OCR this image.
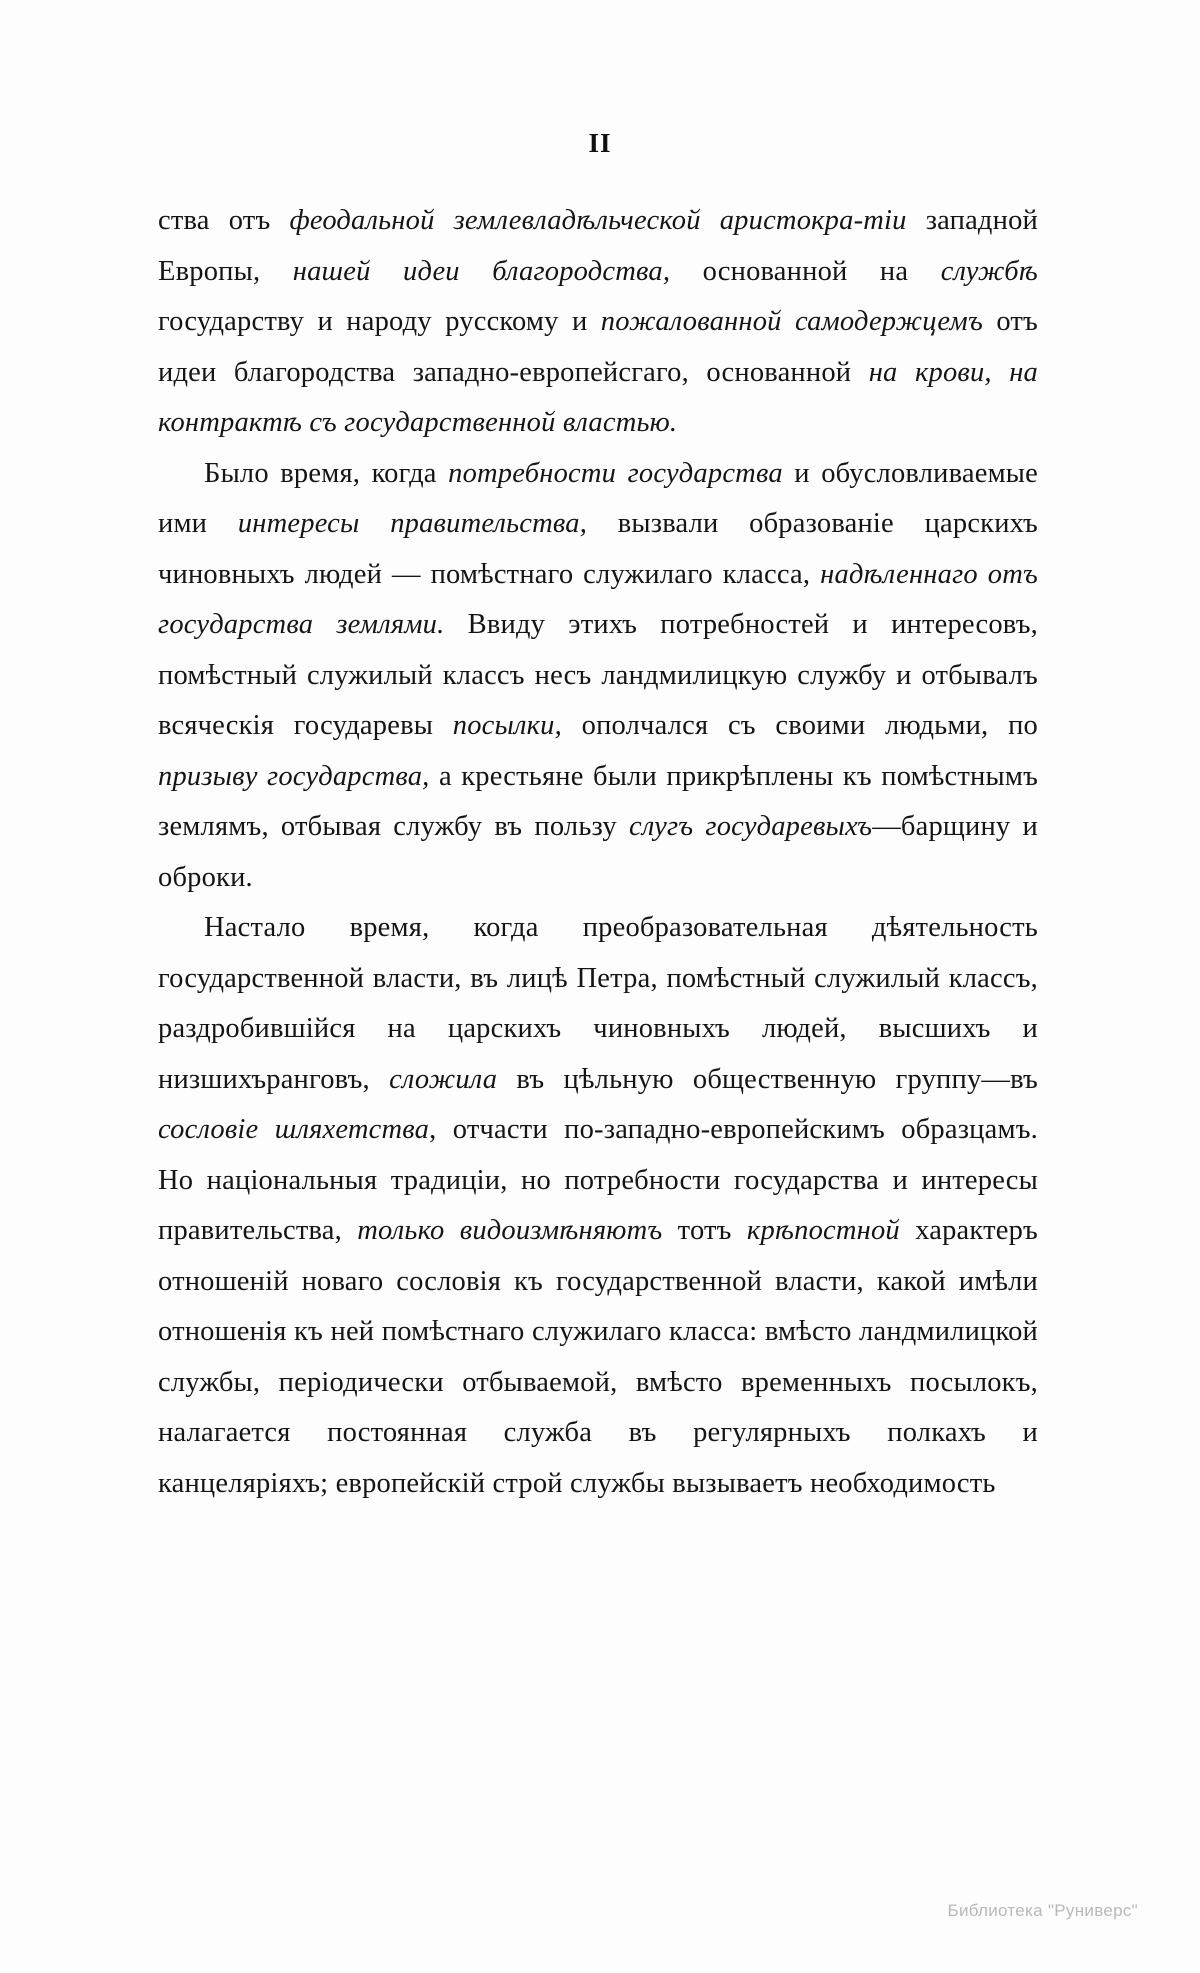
II

ства отъ феодальной землевладѣльческой аристокра-тіи западной Европы, нашей идеи благородства, основанной на службѣ государству и народу русскому и пожалованной самодержцемъ отъ идеи благородства западно-европейсгаго, основанной на крови, на контрактѣ съ государственной властью.

Было время, когда потребности государства и обусловливаемые ими интересы правительства, вызвали образованіе царскихъ чиновныхъ людей — помѣстнаго служилаго класса, надѣленнаго отъ государства землями. Ввиду этихъ потребностей и интересовъ, помѣстный служилый классъ несъ ландмилицкую службу и отбывалъ всяческія государевы посылки, ополчался съ своими людьми, по призыву государства, а крестьяне были прикрѣплены къ помѣстнымъ землямъ, отбывая службу въ пользу слугъ государевыхъ—барщину и оброки.

Настало время, когда преобразовательная дѣятельность государственной власти, въ лицѣ Петра, помѣстный служилый классъ, раздробившійся на царскихъ чиновныхъ людей, высшихъ и низшихъранговъ, сложила въ цѣльную общественную группу—въ сословіе шляхетства, отчасти по-западно-европейскимъ образцамъ. Но національныя традиціи, но потребности государства и интересы правительства, только видоизмѣняютъ тотъ крѣпостной характеръ отношеній новаго сословія къ государственной власти, какой имѣли отношенія къ ней помѣстнаго служилаго класса: вмѣсто ландмилицкой службы, періодически отбываемой, вмѣсто временныхъ посылокъ, налагается постоянная служба въ регулярныхъ полкахъ и канцеляріяхъ; европейскій строй службы вызываетъ необходимость

Библиотека "Руниверс"
